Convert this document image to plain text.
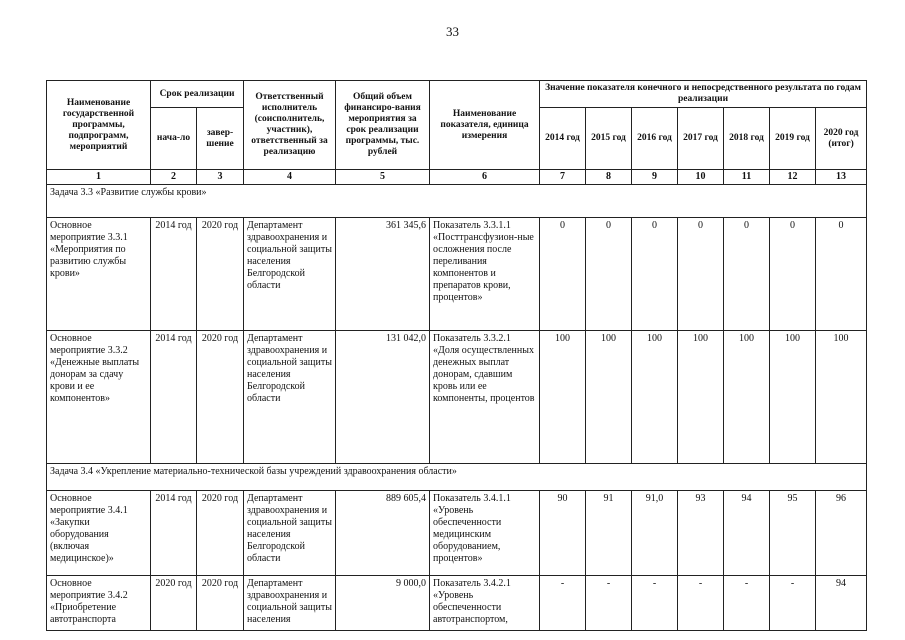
33
Наименование государственной программы, подпрограмм, мероприятий	Срок реализации		Ответственный исполнитель (соисполнитель, участник), ответственный за реализацию	Общий объем финансиро-вания мероприятия за срок реализации программы, тыс. рублей	Наименование показателя, единица измерения	Значение показателя конечного и непосредственного результата по годам реализации						
	нача-ло	завер-шение				2014 год	2015 год	2016 год	2017 год	2018 год	2019 год	2020 год (итог)
1	2	3	4	5	6	7	8	9	10	11	12	13
Задача 3.3 «Развитие службы крови»												
Основное мероприятие 3.3.1 «Мероприятия по развитию службы крови»	2014 год	2020 год	Департамент здравоохранения и социальной защиты населения Белгородской области	361 345,6	Показатель 3.3.1.1 «Посттрансфузион-ные осложнения после переливания компонентов и препаратов крови, процентов»	0	0	0	0	0	0	0
Основное мероприятие 3.3.2 «Денежные выплаты донорам за сдачу крови и ее компонентов»	2014 год	2020 год	Департамент здравоохранения и социальной защиты населения Белгородской области	131 042,0	Показатель 3.3.2.1 «Доля осуществленных денежных выплат донорам, сдавшим кровь или ее компоненты, процентов	100	100	100	100	100	100	100
Задача 3.4 «Укрепление материально-технической базы учреждений здравоохранения области»												
Основное мероприятие 3.4.1 «Закупки оборудования (включая медицинское)»	2014 год	2020 год	Департамент здравоохранения и социальной защиты населения Белгородской области	889 605,4	Показатель 3.4.1.1 «Уровень обеспеченности медицинским оборудованием, процентов»	90	91	91,0	93	94	95	96
Основное мероприятие 3.4.2 «Приобретение автотранспорта	2020 год	2020 год	Департамент здравоохранения и социальной защиты населения	9 000,0	Показатель 3.4.2.1 «Уровень обеспеченности автотранспортом,	-	-	-	-	-	-	94
